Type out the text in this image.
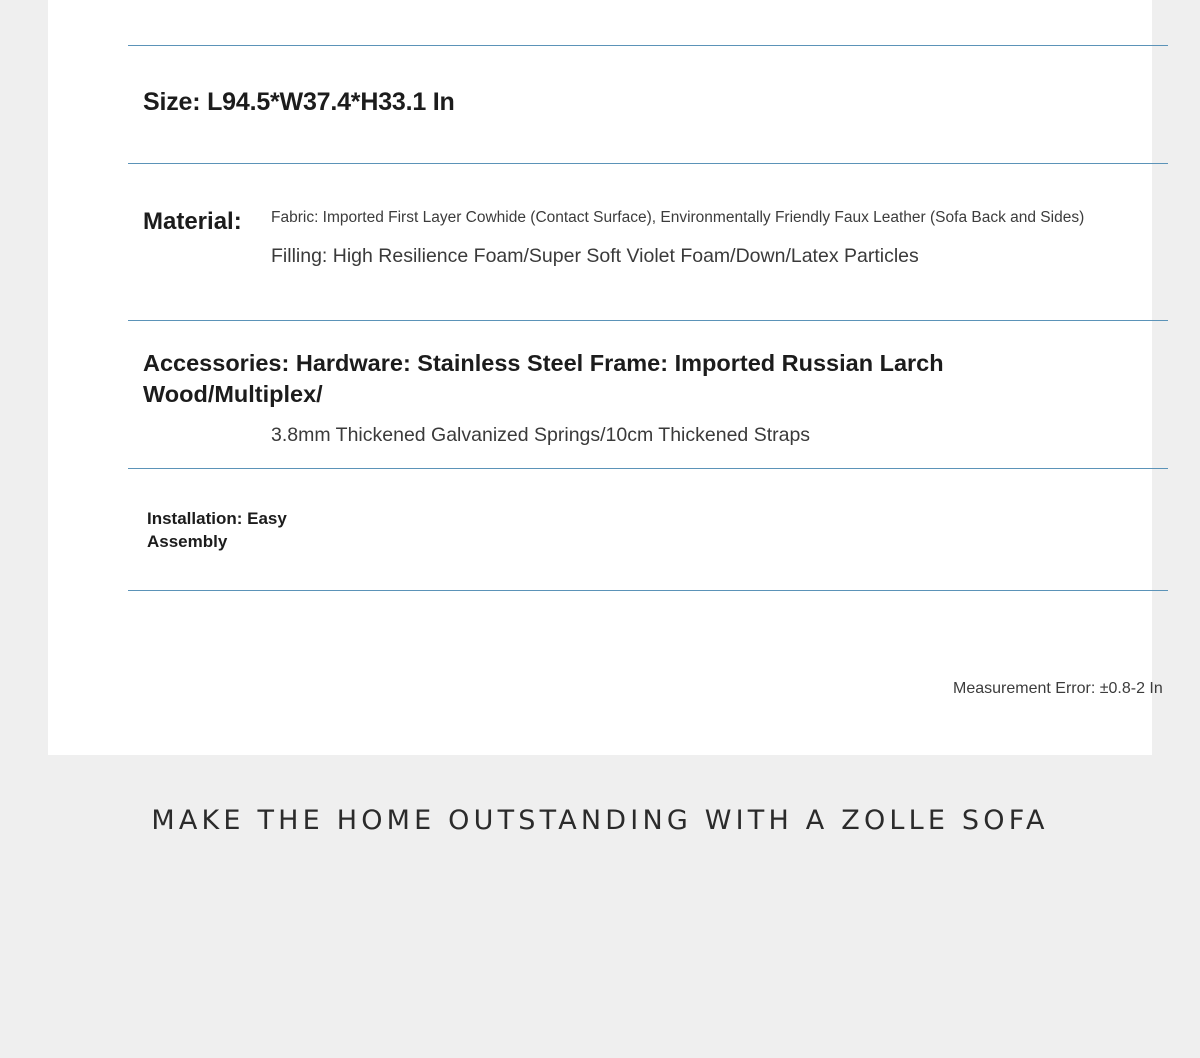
Size: L94.5*W37.4*H33.1 In
Material: Fabric: Imported First Layer Cowhide (Contact Surface), Environmentally Friendly Faux Leather (Sofa Back and Sides)
Filling: High Resilience Foam/Super Soft Violet Foam/Down/Latex Particles
Accessories: Hardware: Stainless Steel Frame: Imported Russian Larch Wood/Multiplex/
3.8mm Thickened Galvanized Springs/10cm Thickened Straps
Installation: Easy Assembly
Measurement Error: ±0.8-2 In
MAKE THE HOME OUTSTANDING WITH A ZOLLE SOFA
